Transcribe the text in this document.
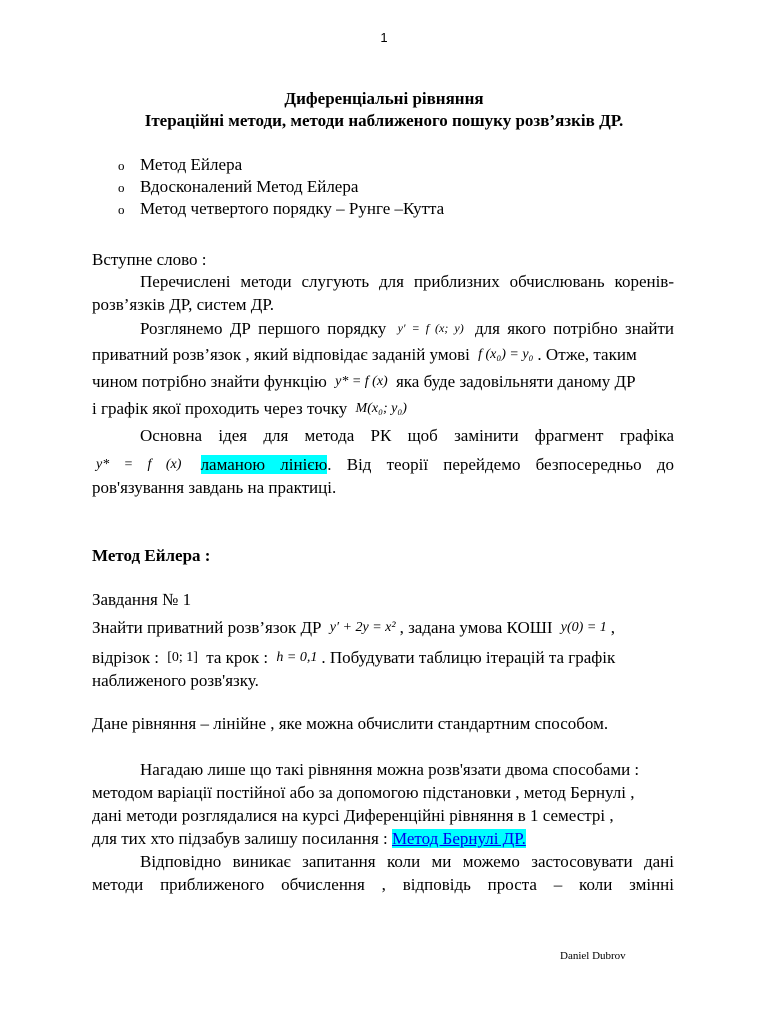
1
Диференціальні рівняння
Ітераційні методи, методи наближеного пошуку розв’язків ДР.
o Метод Ейлера
o Вдосконалений Метод Ейлера
o Метод четвертого порядку – Рунге –Кутта
Вступне слово :
Перечислені методи слугують для приблизних обчислювань коренів-
розв’язків ДР, систем ДР.
Розглянемо ДР першого порядку y′ = f (x; y) для якого потрібно знайти
приватний розв’язок , який відповідає заданій умові f (x₀) = y₀ . Отже, таким
чином потрібно знайти функцію y* = f (x) яка буде задовільняти даному ДР
і графік якої проходить через точку M(x₀; y₀)
Основна ідея для метода РК щоб замінити фрагмент графіка
y* = f (x) ламаною лінією. Від теорії перейдемо безпосередньо до
ров'язування завдань на практиці.
Метод Ейлера :
Завдання № 1
Знайти приватний розв’язок ДР y′ + 2y = x² , задана умова КОШІ y(0) = 1 ,
відрізок : [0; 1] та крок : h = 0,1 . Побудувати таблицю ітерацій та графік
наближеного розв'язку.
Дане рівняння – лінійне , яке можна обчислити стандартним способом.
Нагадаю лише що такі рівняння можна розв'язати двома способами :
методом варіації постійної або за допомогою підстановки , метод Бернулі ,
дані методи розглядалися на курсі Диференційні рівняння в 1 семестрі ,
для тих хто підзабув залишу посилання : Метод Бернулі ДР.
Відповідно виникає запитання коли ми можемо застосовувати дані
методи приближеного обчислення , відповідь проста – коли змінні
Daniel Dubrov
